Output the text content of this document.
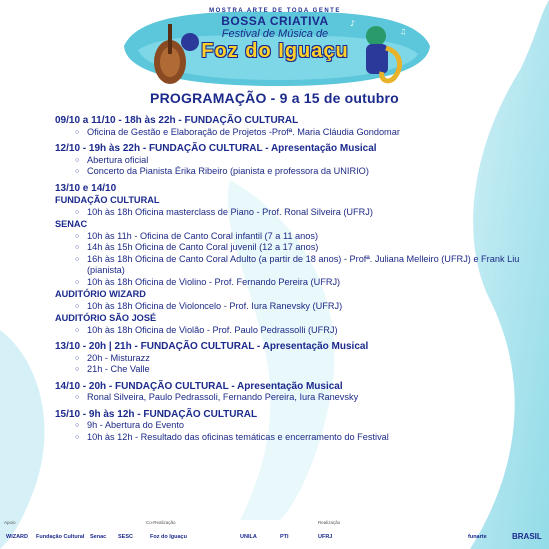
♪
♫
MOSTRA ARTE DE TODA GENTE
BOSSA CRIATIVA
Festival de Música de
Foz do Iguaçu
PROGRAMAÇÃO - 9 a 15 de outubro
09/10 a 11/10 - 18h às 22h - FUNDAÇÃO CULTURAL
○ Oficina de Gestão e Elaboração de Projetos -Profª. Maria Cláudia Gondomar
12/10 - 19h às 22h - FUNDAÇÃO CULTURAL - Apresentação Musical
○ Abertura oficial
○ Concerto da Pianista Érika Ribeiro (pianista e professora da UNIRIO)
13/10 e 14/10
FUNDAÇÃO CULTURAL
○ 10h às 18h Oficina masterclass de Piano - Prof. Ronal Silveira (UFRJ)
SENAC
○ 10h às 11h - Oficina de Canto Coral infantil (7 a 11 anos)
○ 14h às 15h Oficina de Canto Coral juvenil (12 a 17 anos)
○ 16h às 18h Oficina de Canto Coral Adulto (a partir de 18 anos) - Profª. Juliana Melleiro (UFRJ) e Frank Liu (pianista)
○ 10h às 18h Oficina de Violino - Prof. Fernando Pereira (UFRJ)
AUDITÓRIO WIZARD
○ 10h às 18h Oficina de Violoncelo - Prof. Iura Ranevsky (UFRJ)
AUDITÓRIO SÃO JOSÉ
○ 10h às 18h Oficina de Violão - Prof. Paulo Pedrassolli (UFRJ)
13/10 - 20h | 21h - FUNDAÇÃO CULTURAL - Apresentação Musical
○ 20h - Misturazz
○ 21h - Che Valle
14/10 - 20h - FUNDAÇÃO CULTURAL - Apresentação Musical
○ Ronal Silveira, Paulo Pedrassoli, Fernando Pereira, Iura Ranevsky
15/10 - 9h às 12h - FUNDAÇÃO CULTURAL
○ 9h - Abertura do Evento
○ 10h às 12h - Resultado das oficinas temáticas e encerramento do Festival
Apoio	Co-Realização	Realização
WIZARD Fundação Cultural Senac SESC	Foz do Iguaçu	UNILA	PTI	UFRJ	funarte	BRASIL
